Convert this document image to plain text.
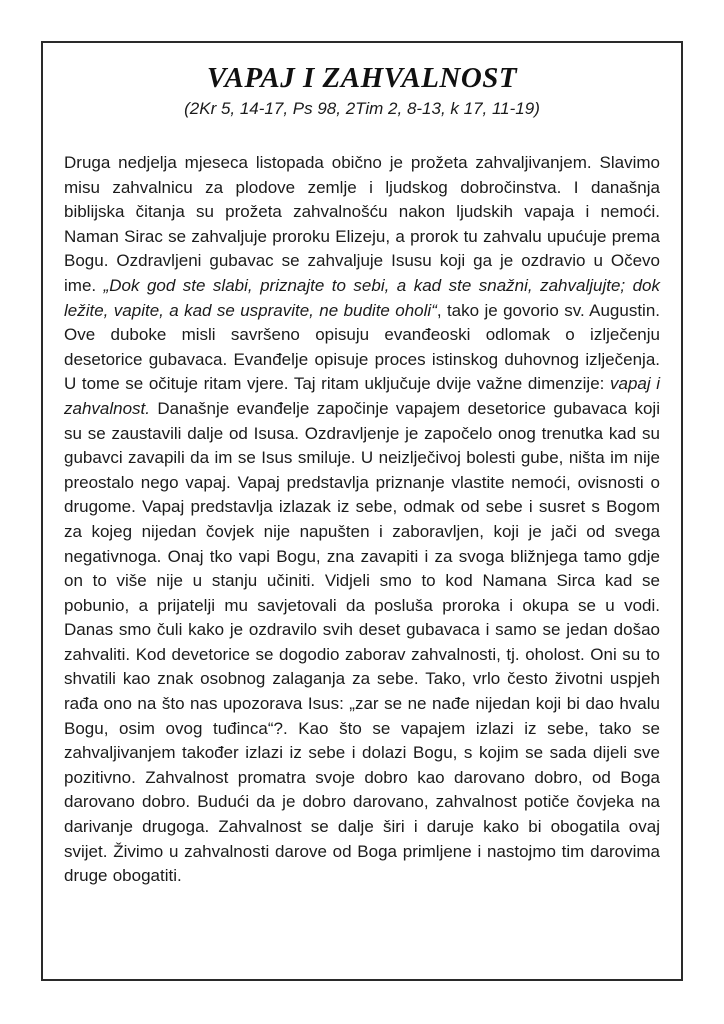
VAPAJ I ZAHVALNOST
(2Kr 5, 14-17, Ps 98, 2Tim 2, 8-13, k 17, 11-19)

Druga nedjelja mjeseca listopada obično je prožeta zahvaljivanjem. Slavimo misu zahvalnicu za plodove zemlje i ljudskog dobročinstva. I današnja biblijska čitanja su prožeta zahvalnošću nakon ljudskih vapaja i nemoći. Naman Sirac se zahvaljuje proroku Elizeju, a prorok tu zahvalu upućuje prema Bogu. Ozdravljeni gubavac se zahvaljuje Isusu koji ga je ozdravio u Očevo ime. „Dok god ste slabi, priznajte to sebi, a kad ste snažni, zahvaljujte; dok ležite, vapite, a kad se uspravite, ne budite oholi“, tako je govorio sv. Augustin. Ove duboke misli savršeno opisuju evanđeoski odlomak o izlječenju desetorice gubavaca. Evanđelje opisuje proces istinskog duhovnog izlječenja. U tome se očituje ritam vjere. Taj ritam uključuje dvije važne dimenzije: vapaj i zahvalnost. Današnje evanđelje započinje vapajem desetorice gubavaca koji su se zaustavili dalje od Isusa. Ozdravljenje je započelo onog trenutka kad su gubavci zavapili da im se Isus smiluje. U neizlječivoj bolesti gube, ništa im nije preostalo nego vapaj. Vapaj predstavlja priznanje vlastite nemoći, ovisnosti o drugome. Vapaj predstavlja izlazak iz sebe, odmak od sebe i susret s Bogom za kojeg nijedan čovjek nije napušten i zaboravljen, koji je jači od svega negativnoga. Onaj tko vapi Bogu, zna zavapiti i za svoga bližnjega tamo gdje on to više nije u stanju učiniti. Vidjeli smo to kod Namana Sirca kad se pobunio, a prijatelji mu savjetovali da posluša proroka i okupa se u vodi. Danas smo čuli kako je ozdravilo svih deset gubavaca i samo se jedan došao zahvaliti. Kod devetorice se dogodio zaborav zahvalnosti, tj. oholost. Oni su to shvatili kao znak osobnog zalaganja za sebe. Tako, vrlo često životni uspjeh rađa ono na što nas upozorava Isus: „zar se ne nađe nijedan koji bi dao hvalu Bogu, osim ovog tuđinca“?. Kao što se vapajem izlazi iz sebe, tako se zahvaljivanjem također izlazi iz sebe i dolazi Bogu, s kojim se sada dijeli sve pozitivno. Zahvalnost promatra svoje dobro kao darovano dobro, od Boga darovano dobro. Budući da je dobro darovano, zahvalnost potiče čovjeka na darivanje drugoga. Zahvalnost se dalje širi i daruje kako bi obogatila ovaj svijet. Živimo u zahvalnosti darove od Boga primljene i nastojmo tim darovima druge obogatiti.
